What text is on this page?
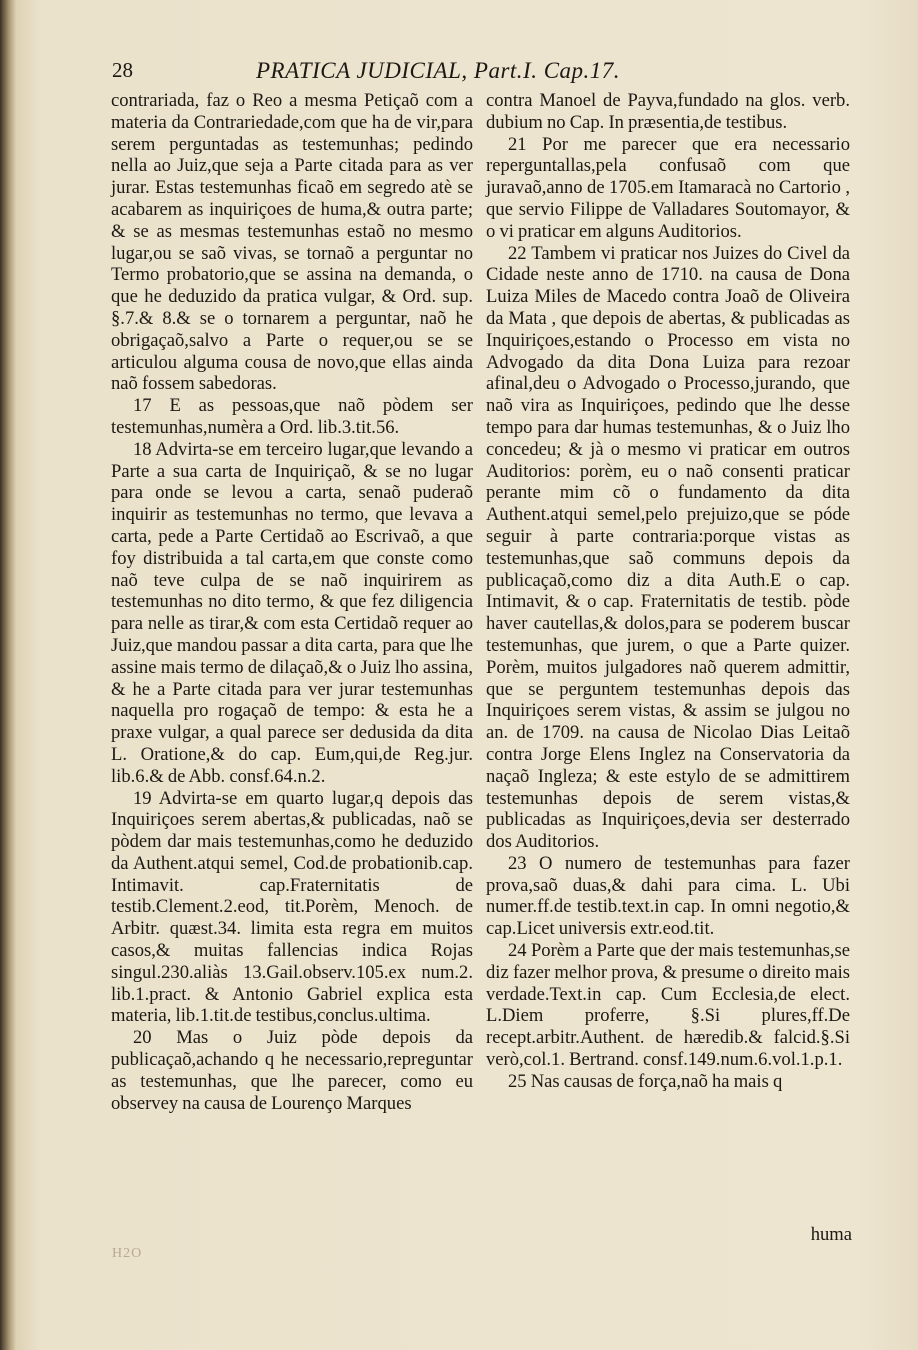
28	PRATICA JUDICIAL, Part.I. Cap.17.

contrariada, faz o Reo a mesma Petiçaõ com a materia da Contrariedade,com que ha de vir,para serem perguntadas as testemunhas; pedindo nella ao Juiz,que seja a Parte citada para as ver jurar. Estas testemunhas ficaõ em segredo atè se acabarem as inquiriçoes de huma,& outra parte; & se as mesmas testemunhas estaõ no mesmo lugar,ou se saõ vivas, se tornaõ a perguntar no Termo probatorio,que se assina na demanda, o que he deduzido da pratica vulgar, & Ord. sup. §.7.& 8.& se o tornarem a perguntar, naõ he obrigaçaõ,salvo a Parte o requer,ou se se articulou alguma cousa de novo,que ellas ainda naõ fossem sabedoras.

17 E as pessoas,que naõ pòdem ser testemunhas,numèra a Ord. lib.3.tit.56.

18 Advirta-se em terceiro lugar,que levando a Parte a sua carta de Inquiriçaõ, & se no lugar para onde se levou a carta, senaõ puderaõ inquirir as testemunhas no termo, que levava a carta, pede a Parte Certidaõ ao Escrivaõ, a que foy distribuida a tal carta,em que conste como naõ teve culpa de se naõ inquirirem as testemunhas no dito termo, & que fez diligencia para nelle as tirar,& com esta Certidaõ requer ao Juiz,que mandou passar a dita carta, para que lhe assine mais termo de dilaçaõ,& o Juiz lho assina, & he a Parte citada para ver jurar testemunhas naquella pro rogaçaõ de tempo: & esta he a praxe vulgar, a qual parece ser dedusida da dita L. Oratione,& do cap. Eum,qui,de Reg.jur. lib.6.& de Abb. consf.64.n.2.

19 Advirta-se em quarto lugar,q depois das Inquiriçoes serem abertas,& publicadas, naõ se pòdem dar mais testemunhas,como he deduzido da Authent.atqui semel, Cod.de probationib.cap. Intimavit. cap.Fraternitatis de testib.Clement.2.eod, tit.Porèm, Menoch. de Arbitr. quæst.34. limita esta regra em muitos casos,& muitas fallencias indica Rojas singul.230.aliàs 13.Gail.observ.105.ex num.2. lib.1.pract. & Antonio Gabriel explica esta materia, lib.1.tit.de testibus,conclus.ultima.

20 Mas o Juiz pòde depois da publicaçaõ,achando q he necessario,repreguntar as testemunhas, que lhe parecer, como eu observey na causa de Lourenço Marques

contra Manoel de Payva,fundado na glos. verb. dubium no Cap. In præsentia,de testibus.

21 Por me parecer que era necessario reperguntallas,pela confusaõ com que juravaõ,anno de 1705.em Itamaracà no Cartorio , que servio Filippe de Valladares Soutomayor, & o vi praticar em alguns Auditorios.

22 Tambem vi praticar nos Juizes do Civel da Cidade neste anno de 1710. na causa de Dona Luiza Miles de Macedo contra Joaõ de Oliveira da Mata , que depois de abertas, & publicadas as Inquiriçoes,estando o Processo em vista no Advogado da dita Dona Luiza para rezoar afinal,deu o Advogado o Processo,jurando, que naõ vira as Inquiriçoes, pedindo que lhe desse tempo para dar humas testemunhas, & o Juiz lho concedeu; & jà o mesmo vi praticar em outros Auditorios: porèm, eu o naõ consenti praticar perante mim cõ o fundamento da dita Authent.atqui semel,pelo prejuizo,que se póde seguir à parte contraria:porque vistas as testemunhas,que saõ communs depois da publicaçaõ,como diz a dita Auth.E o cap. Intimavit, & o cap. Fraternitatis de testib. pòde haver cautellas,& dolos,para se poderem buscar testemunhas, que jurem, o que a Parte quizer. Porèm, muitos julgadores naõ querem admittir, que se perguntem testemunhas depois das Inquiriçoes serem vistas, & assim se julgou no an. de 1709. na causa de Nicolao Dias Leitaõ contra Jorge Elens Inglez na Conservatoria da naçaõ Ingleza; & este estylo de se admittirem testemunhas depois de serem vistas,& publicadas as Inquiriçoes,devia ser desterrado dos Auditorios.

23 O numero de testemunhas para fazer prova,saõ duas,& dahi para cima. L. Ubi numer.ff.de testib.text.in cap. In omni negotio,& cap.Licet universis extr.eod.tit.

24 Porèm a Parte que der mais testemunhas,se diz fazer melhor prova, & presume o direito mais verdade.Text.in cap. Cum Ecclesia,de elect. L.Diem proferre, §.Si plures,ff.De recept.arbitr.Authent. de hæredib.& falcid.§.Si verò,col.1. Bertrand. consf.149.num.6.vol.1.p.1.

25 Nas causas de força,naõ ha mais q

huma
H2O
